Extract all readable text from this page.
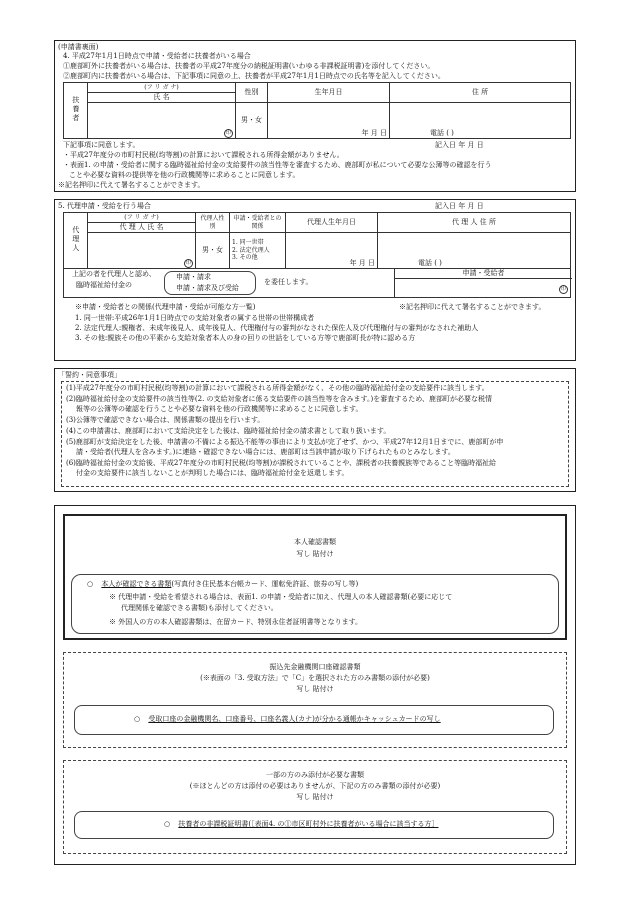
(申請書裏面)

4. 平成27年1月1日時点で申請・受給者に扶養者がいる場合

①鹿部町外に扶養者がいる場合は、扶養者の平成27年度分の納税証明書(いわゆる非課税証明書)を添付してください。

②鹿部町内に扶養者がいる場合は、下記事項に同意の上、扶養者が平成27年1月1日時点での氏名等を記入してください。

扶養者	(フ リ ガ ナ)	性別	生年月日	住 所
	氏 名			
	印	男・女	年 月 日	電話 ( )

下記事項に同意します。	記入日 年 月 日

・平成27年度分の市町村民税(均等割)の計算において課税される所得金額がありません。

・表面1. の申請・受給者に関する臨時福祉給付金の支給要件の該当性等を審査するため、鹿部町が私について必要な公簿等の確認を行う

ことや必要な資料の提供等を他の行政機関等に求めることに同意します。

※記名押印に代えて署名することができます。

5. 代理申請・受給を行う場合	記入日 年 月 日

代理人	(フ リ ガ ナ)	代理人性別	申請・受給者との関係	代理人生年月日	代 理 人 住 所
	代 理 人 氏 名				
	印	男・女	1. 同一世帯
2. 法定代理人
3. その他	年 月 日	電話 ( )

上記の者を代理人と認め、

臨時福祉給付金の

申請・請求

申請・請求及び受給

を委任します。

申請・受給者

印

※申請・受給者との関係(代理申請・受給が可能な方一覧)	※記名押印に代えて署名することができます。

1. 同一世帯:平成26年1月1日時点での支給対象者の属する世帯の世帯構成者

2. 法定代理人:親権者、未成年後見人、成年後見人、代理権付与の審判がなされた保佐人及び代理権付与の審判がなされた補助人

3. その他:親族その他の平素から支給対象者本人の身の回りの世話をしている方等で鹿部町長が特に認める方

「誓約・同意事項」

(1)平成27年度分の市町村民税(均等割)の計算において課税される所得金額がなく、その他の臨時福祉給付金の支給要件に該当します。

(2)臨時福祉給付金の支給要件の該当性等(2. の支給対象者に係る支給要件の該当性等を含みます。)を審査するため、鹿部町が必要な税情

報等の公簿等の確認を行うことや必要な資料を他の行政機関等に求めることに同意します。

(3)公簿等で確認できない場合は、関係書類の提出を行います。

(4)この申請書は、鹿部町において支給決定をした後は、臨時福祉給付金の請求書として取り扱います。

(5)鹿部町が支給決定をした後、申請書の不備による振込不能等の事由により支払が完了せず、かつ、平成27年12月1日までに、鹿部町が申

請・受給者(代理人を含みます。)に連絡・確認できない場合には、鹿部町は当該申請が取り下げられたものとみなします。

(6)臨時福祉給付金の支給後、平成27年度分の市町村民税(均等割)が課税されていることや、課税者の扶養親族等であること等臨時福祉給

付金の支給要件に該当しないことが判明した場合には、臨時福祉給付金を返還します。

本人確認書類

写し 貼付け

○ 本人が確認できる書類(写真付き住民基本台帳カード、運転免許証、旅券の写し等)

※ 代理申請・受給を希望される場合は、表面1. の申請・受給者に加え、代理人の本人確認書類(必要に応じて

代理関係を確認できる書類)も添付してください。

※ 外国人の方の本人確認書類は、在留カード、特別永住者証明書等となります。

振込先金融機関口座確認書類

(※表面の「3. 受取方法」で「C」を選択された方のみ書類の添付が必要)

写し 貼付け

○ 受取口座の金融機関名、口座番号、口座名義人(カナ)が分かる通帳かキャッシュカードの写し

一部の方のみ添付が必要な書類

(※ほとんどの方は添付の必要はありませんが、下記の方のみ書類の添付が必要)

写し 貼付け

○ 扶養者の非課税証明書(［表面4. の①市区町村外に扶養者がいる場合に該当する方］
